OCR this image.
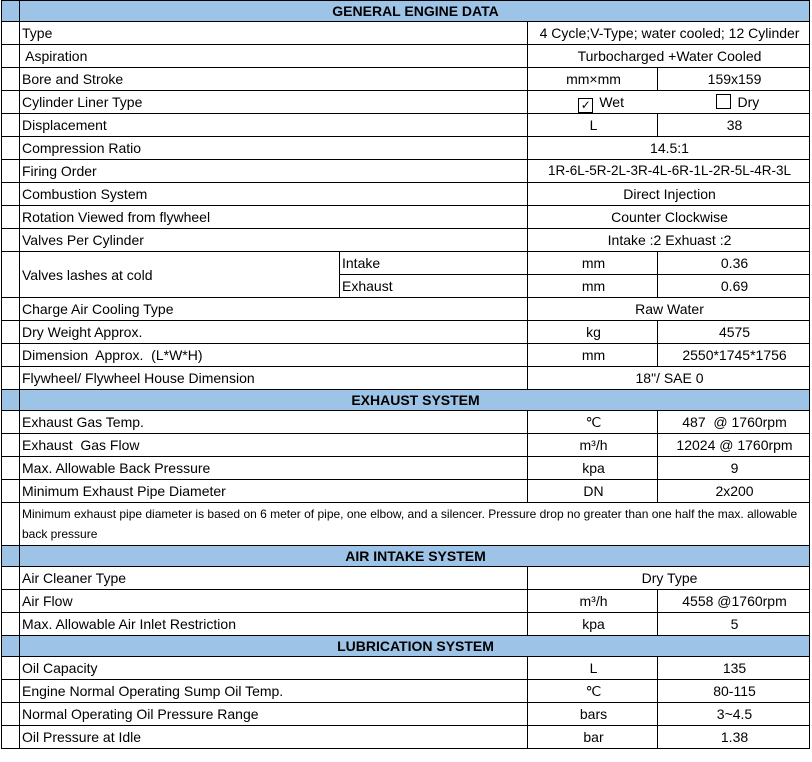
	GENERAL ENGINE DATA			
	Type		4 Cycle;V-Type; water cooled; 12 Cylinder	
	Aspiration		Turbocharged +Water Cooled	
	Bore and Stroke		mm×mm	159x159
	Cylinder Liner Type		✓ Wet Dry	
	Displacement		L	38
	Compression Ratio		14.5:1	
	Firing Order		1R-6L-5R-2L-3R-4L-6R-1L-2R-5L-4R-3L	
	Combustion System		Direct Injection	
	Rotation Viewed from flywheel		Counter Clockwise	
	Valves Per Cylinder		Intake :2 Exhuast :2	
	Valves lashes at cold	Intake	mm	0.36
		Exhaust	mm	0.69
	Charge Air Cooling Type		Raw Water	
	Dry Weight Approx.		kg	4575
	Dimension  Approx.  (L*W*H)		mm	2550*1745*1756
	Flywheel/ Flywheel House Dimension		18"/ SAE 0	
	EXHAUST SYSTEM			
	Exhaust Gas Temp.		℃	487  @ 1760rpm
	Exhaust  Gas Flow		m³/h	12024 @ 1760rpm
	Max. Allowable Back Pressure		kpa	9
	Minimum Exhaust Pipe Diameter		DN	2x200
	Minimum exhaust pipe diameter is based on 6 meter of pipe, one elbow, and a silencer. Pressure drop no greater than one half the max. allowable back pressure			
	AIR INTAKE SYSTEM			
	Air Cleaner Type		Dry Type	
	Air Flow		m³/h	4558 @1760rpm
	Max. Allowable Air Inlet Restriction		kpa	5
	LUBRICATION SYSTEM			
	Oil Capacity		L	135
	Engine Normal Operating Sump Oil Temp.		℃	80-115
	Normal Operating Oil Pressure Range		bars	3~4.5
	Oil Pressure at Idle		bar	1.38
